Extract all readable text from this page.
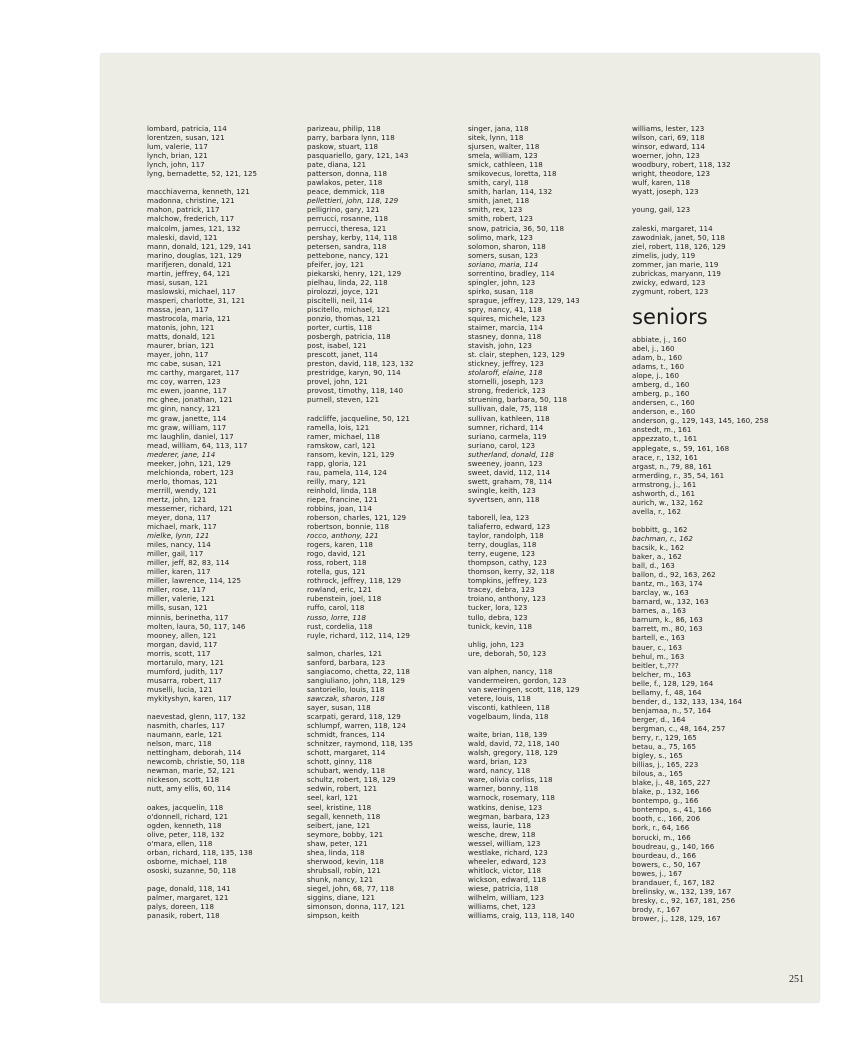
lombard, patricia, 114
lorentzen, susan, 121
lum, valerie, 117
lynch, brian, 121
lynch, john, 117
lyng, bernadette, 52, 121, 125
macchiaverna, kenneth, 121
madonna, christine, 121
mahon, patrick, 117
malchow, frederich, 117
malcolm, james, 121, 132
maleski, david, 121
mann, donald, 121, 129, 141
marino, douglas, 121, 129
marifjeren, donald, 121
martin, jeffrey, 64, 121
masi, susan, 121
maslowski, michael, 117
masperi, charlotte, 31, 121
massa, jean, 117
mastrocola, maria, 121
matonis, john, 121
matts, donald, 121
maurer, brian, 121
mayer, john, 117
mc cabe, susan, 121
mc carthy, margaret, 117
mc coy, warren, 123
mc ewen, joanne, 117
mc ghee, jonathan, 121
mc ginn, nancy, 121
mc graw, janette, 114
mc graw, william, 117
mc laughlin, daniel, 117
mead, william, 64, 113, 117
mederer, jane, 114
meeker, john, 121, 129
melchionda, robert, 123
merlo, thomas, 121
merrill, wendy, 121
mertz, john, 121
messemer, richard, 121
meyer, dona, 117
michael, mark, 117
mielke, lynn, 121
miles, nancy, 114
miller, gail, 117
miller, jeff, 82, 83, 114
miller, karen, 117
miller, lawrence, 114, 125
miller, rose, 117
miller, valerie, 121
mills, susan, 121
minnis, berinetha, 117
molten, laura, 50, 117, 146
mooney, allen, 121
morgan, david, 117
morris, scott, 117
mortarulo, mary, 121
mumford, judith, 117
musarra, robert, 117
muselli, lucia, 121
mykityshyn, karen, 117
naevestad, glenn, 117, 132
nasmith, charles, 117
naumann, earle, 121
nelson, marc, 118
nettingham, deborah, 114
newcomb, christie, 50, 118
newman, marie, 52, 121
nickeson, scott, 118
nutt, amy ellis, 60, 114
oakes, jacquelin, 118
o'donnell, richard, 121
ogden, kenneth, 118
olive, peter, 118, 132
o'mara, ellen, 118
orban, richard, 118, 135, 138
osborne, michael, 118
ososki, suzanne, 50, 118
page, donald, 118, 141
palmer, margaret, 121
palys, doreen, 118
panasik, robert, 118
parizeau, philip, 118
parry, barbara lynn, 118
paskow, stuart, 118
pasquariello, gary, 121, 143
pate, diana, 121
patterson, donna, 118
pawlakos, peter, 118
peace, demmick, 118
pellettieri, john, 118, 129
pelligrino, gary, 121
perrucci, rosanne, 118
perrucci, theresa, 121
pershay, kerby, 114, 118
petersen, sandra, 118
pettebone, nancy, 121
pfeifer, joy, 121
piekarski, henry, 121, 129
pielhau, linda, 22, 118
pirolozzi, joyce, 121
piscitelli, neil, 114
piscitello, michael, 121
ponzio, thomas, 121
porter, curtis, 118
posbergh, patricia, 118
post, isabel, 121
prescott, janet, 114
preston, david, 118, 123, 132
prestridge, karyn, 90, 114
provel, john, 121
provost, timothy, 118, 140
purnell, steven, 121
radcliffe, jacqueline, 50, 121
ramella, lois, 121
ramer, michael, 118
ramskow, carl, 121
ransom, kevin, 121, 129
rapp, gloria, 121
rau, pamela, 114, 124
reilly, mary, 121
reinhold, linda, 118
riepe, francine, 121
robbins, joan, 114
roberson, charles, 121, 129
robertson, bonnie, 118
rocco, anthony, 121
rogers, karen, 118
rogo, david, 121
ross, robert, 118
rotella, gus, 121
rothrock, jeffrey, 118, 129
rowland, eric, 121
rubenstein, joel, 118
ruffo, carol, 118
russo, lorre, 118
rust, cordelia, 118
ruyle, richard, 112, 114, 129
salmon, charles, 121
sanford, barbara, 123
sangiacomo, chetta, 22, 118
sangiuliano, john, 118, 129
santoriello, louis, 118
sawczak, sharon, 118
sayer, susan, 118
scarpati, gerard, 118, 129
schlumpf, warren, 118, 124
schmidt, frances, 114
schnitzer, raymond, 118, 135
schott, margaret, 114
schott, ginny, 118
schubart, wendy, 118
schultz, robert, 118, 129
sedwin, robert, 121
seel, karl, 121
seel, kristine, 118
segall, kenneth, 118
seibert, jane, 121
seymore, bobby, 121
shaw, peter, 121
shea, linda, 118
sherwood, kevin, 118
shrubsall, robin, 121
shunk, nancy, 121
siegel, john, 68, 77, 118
siggins, diane, 121
simonson, donna, 117, 121
simpson, keith
singer, jana, 118
sitek, lynn, 118
sjursen, walter, 118
smela, william, 123
smick, cathleen, 118
smikovecus, loretta, 118
smith, caryl, 118
smith, harlan, 114, 132
smith, janet, 118
smith, rex, 123
smith, robert, 123
snow, patricia, 36, 50, 118
solimo, mark, 123
solomon, sharon, 118
somers, susan, 123
soriano, maria, 114
sorrentino, bradley, 114
spingler, john, 123
spirko, susan, 118
sprague, jeffrey, 123, 129, 143
spry, nancy, 41, 118
squires, michele, 123
staimer, marcia, 114
stasney, donna, 118
stavish, john, 123
st. clair, stephen, 123, 129
stickney, jeffrey, 123
stolaroff, elaine, 118
stornelli, joseph, 123
strong, frederick, 123
struening, barbara, 50, 118
sullivan, dale, 75, 118
sullivan, kathleen, 118
sumner, richard, 114
suriano, carmela, 119
suriano, carol, 123
sutherland, donald, 118
sweeney, joann, 123
sweet, david, 112, 114
swett, graham, 78, 114
swingle, keith, 123
syvertsen, ann, 118
taborell, lea, 123
taliaferro, edward, 123
taylor, randolph, 118
terry, douglas, 118
terry, eugene, 123
thompson, cathy, 123
thomson, kerry, 32, 118
tompkins, jeffrey, 123
tracey, debra, 123
troiano, anthony, 123
tucker, lora, 123
tullo, debra, 123
tunick, kevin, 118
uhlig, john, 123
ure, deborah, 50, 123
van alphen, nancy, 118
vandermeiren, gordon, 123
van sweringen, scott, 118, 129
vetere, louis, 118
visconti, kathleen, 118
vogelbaum, linda, 118
waite, brian, 118, 139
wald, david, 72, 118, 140
walsh, gregory, 118, 129
ward, brian, 123
ward, nancy, 118
ware, olivia corliss, 118
warner, bonny, 118
warnock, rosemary, 118
watkins, denise, 123
wegman, barbara, 123
weiss, laurie, 118
wesche, drew, 118
wessel, william, 123
westlake, richard, 123
wheeler, edward, 123
whitlock, victor, 118
wickson, edward, 118
wiese, patricia, 118
wilhelm, william, 123
williams, chet, 123
williams, craig, 113, 118, 140
williams, lester, 123
wilson, cari, 69, 118
winsor, edward, 114
woerner, john, 123
woodbury, robert, 118, 132
wright, theodore, 123
wulf, karen, 118
wyatt, joseph, 123
young, gail, 123
zaleski, margaret, 114
zawodniak, janet, 50, 118
ziel, robert, 118, 126, 129
zimelis, judy, 119
zommer, jan marie, 119
zubrickas, maryann, 119
zwicky, edward, 123
zygmunt, robert, 123
seniors
abbiate, j., 160
abel, j., 160
adam, b., 160
adams, t., 160
alope, j., 160
amberg, d., 160
amberg, p., 160
andersen, c., 160
anderson, e., 160
anderson, g., 129, 143, 145, 160, 258
anstedt, m., 161
appezzato, t., 161
applegate, s., 59, 161, 168
arace, r., 132, 161
argast, n., 79, 88, 161
armerding, r., 35, 54, 161
armstrong, j., 161
ashworth, d., 161
aurich, w., 132, 162
avella, r., 162
bobbitt, g., 162
bachman, r., 162
bacsik, k., 162
baker, a., 162
ball, d., 163
ballon, d., 92, 163, 262
bantz, m., 163, 174
barclay, w., 163
barnard, w., 132, 163
barnes, a., 163
barnum, k., 86, 163
barrett, m., 80, 163
bartell, e., 163
bauer, c., 163
behul, m., 163
beitler, t.,???
belcher, m., 163
belle, f., 128, 129, 164
bellamy, f., 48, 164
bender, d., 132, 133, 134, 164
benjamaa, n., 57, 164
berger, d., 164
bergman, c., 48, 164, 257
berry, r., 129, 165
betau, a., 75, 165
bigley, s., 165
billias, j., 165, 223
bilous, a., 165
blake, j., 48, 165, 227
blake, p., 132, 166
bontempo, g., 166
bontempo, s., 41, 166
booth, c., 166, 206
bork, r., 64, 166
borucki, m., 166
boudreau, g., 140, 166
bourdeau, d., 166
bowers, c., 50, 167
bowes, j., 167
brandauer, f., 167, 182
brelinsky, w., 132, 139, 167
bresky, c., 92, 167, 181, 256
brody, r., 167
brower, j., 128, 129, 167
251
